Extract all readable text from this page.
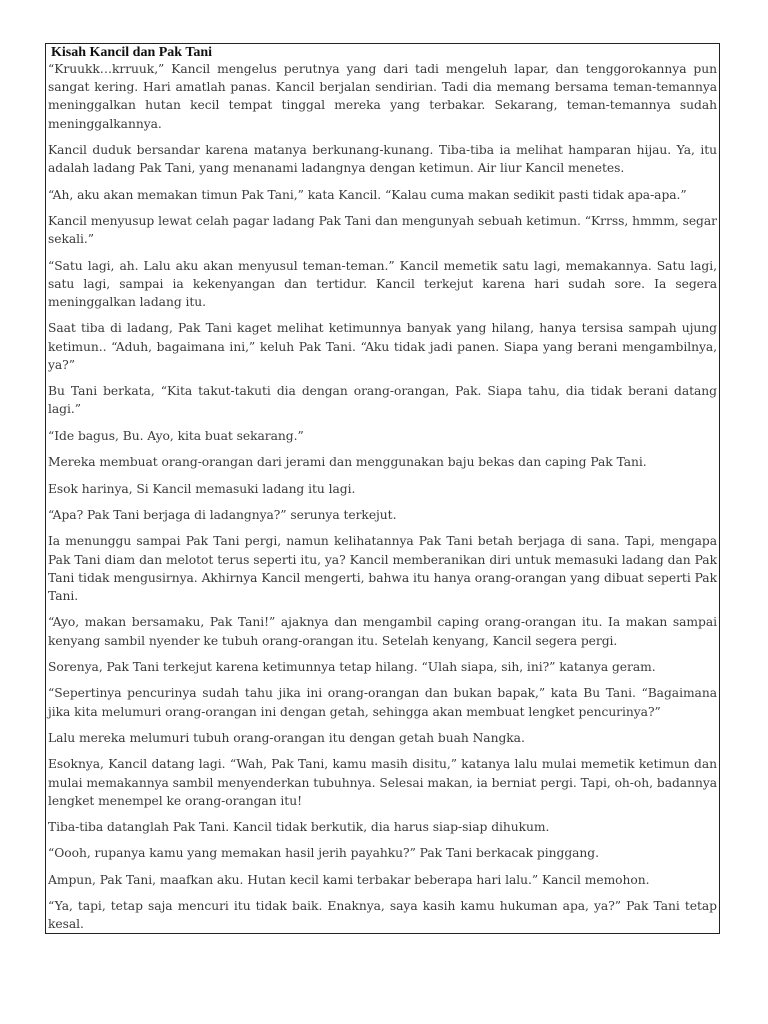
Kisah Kancil dan Pak Tani

“Kruukk…krruuk,” Kancil mengelus perutnya yang dari tadi mengeluh lapar, dan tenggorokannya pun sangat kering. Hari amatlah panas. Kancil berjalan sendirian. Tadi dia memang bersama teman-temannya meninggalkan hutan kecil tempat tinggal mereka yang terbakar. Sekarang, teman-temannya sudah meninggalkannya.

Kancil duduk bersandar karena matanya berkunang-kunang. Tiba-tiba ia melihat hamparan hijau. Ya, itu adalah ladang Pak Tani, yang menanami ladangnya dengan ketimun. Air liur Kancil menetes.

“Ah, aku akan memakan timun Pak Tani,” kata Kancil. “Kalau cuma makan sedikit pasti tidak apa-apa.”

Kancil menyusup lewat celah pagar ladang Pak Tani dan mengunyah sebuah ketimun. “Krrss, hmmm, segar sekali.”

“Satu lagi, ah. Lalu aku akan menyusul teman-teman.” Kancil memetik satu lagi, memakannya. Satu lagi, satu lagi, sampai ia kekenyangan dan tertidur. Kancil terkejut karena hari sudah sore. Ia segera meninggalkan ladang itu.

Saat tiba di ladang, Pak Tani kaget melihat ketimunnya banyak yang hilang, hanya tersisa sampah ujung ketimun.. “Aduh, bagaimana ini,” keluh Pak Tani. “Aku tidak jadi panen. Siapa yang berani mengambilnya, ya?”

Bu Tani berkata, “Kita takut-takuti dia dengan orang-orangan, Pak. Siapa tahu, dia tidak berani datang lagi.”

“Ide bagus, Bu. Ayo, kita buat sekarang.”

Mereka membuat orang-orangan dari jerami dan menggunakan baju bekas dan caping Pak Tani.

Esok harinya, Si Kancil memasuki ladang itu lagi.

“Apa? Pak Tani berjaga di ladangnya?” serunya terkejut.

Ia menunggu sampai Pak Tani pergi, namun kelihatannya Pak Tani betah berjaga di sana. Tapi, mengapa Pak Tani diam dan melotot terus seperti itu, ya? Kancil memberanikan diri untuk memasuki ladang dan Pak Tani tidak mengusirnya. Akhirnya Kancil mengerti, bahwa itu hanya orang-orangan yang dibuat seperti Pak Tani.

“Ayo, makan bersamaku, Pak Tani!” ajaknya dan mengambil caping orang-orangan itu. Ia makan sampai kenyang sambil nyender ke tubuh orang-orangan itu. Setelah kenyang, Kancil segera pergi.

Sorenya, Pak Tani terkejut karena ketimunnya tetap hilang. “Ulah siapa, sih, ini?” katanya geram.

“Sepertinya pencurinya sudah tahu jika ini orang-orangan dan bukan bapak,” kata Bu Tani. “Bagaimana jika kita melumuri orang-orangan ini dengan getah, sehingga akan membuat lengket pencurinya?”

Lalu mereka melumuri tubuh orang-orangan itu dengan getah buah Nangka.

Esoknya, Kancil datang lagi. “Wah, Pak Tani, kamu masih disitu,” katanya lalu mulai memetik ketimun dan mulai memakannya sambil menyenderkan tubuhnya. Selesai makan, ia berniat pergi. Tapi, oh-oh, badannya lengket menempel ke orang-orangan itu!

Tiba-tiba datanglah Pak Tani. Kancil tidak berkutik, dia harus siap-siap dihukum.

“Oooh, rupanya kamu yang memakan hasil jerih payahku?” Pak Tani berkacak pinggang.

Ampun, Pak Tani, maafkan aku. Hutan kecil kami terbakar beberapa hari lalu.” Kancil memohon.

“Ya, tapi, tetap saja mencuri itu tidak baik. Enaknya, saya kasih kamu hukuman apa, ya?” Pak Tani tetap kesal.
